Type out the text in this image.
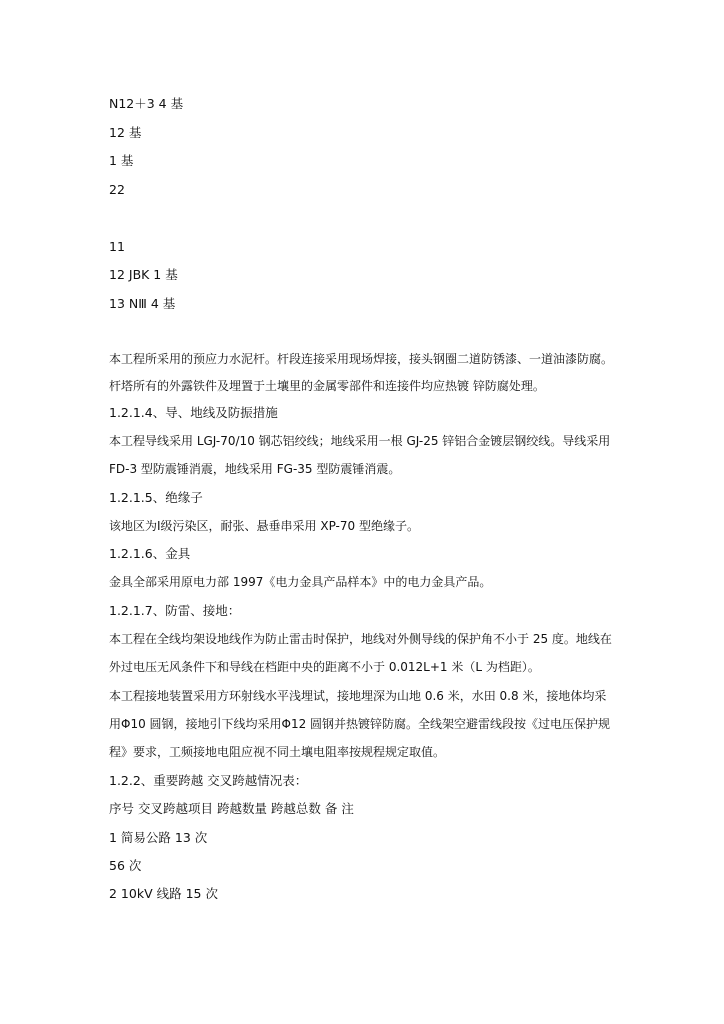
N12＋3 4 基
12 基
1 基
22
11
12 JBK 1 基
13 NⅢ 4 基
本工程所采用的预应力水泥杆。杆段连接采用现场焊接，接头钢圈二道防锈漆、一道油漆防腐。
杆塔所有的外露铁件及埋置于土壤里的金属零部件和连接件均应热镀 锌防腐处理。
1.2.1.4、导、地线及防振措施
本工程导线采用 LGJ-70/10 钢芯铝绞线；地线采用一根 GJ-25 锌铝合金镀层钢绞线。导线采用
FD-3 型防震锤消震，地线采用 FG-35 型防震锤消震。
1.2.1.5、绝缘子
该地区为Ⅰ级污染区，耐张、悬垂串采用 XP-70 型绝缘子。
1.2.1.6、金具
金具全部采用原电力部 1997《电力金具产品样本》中的电力金具产品。
1.2.1.7、防雷、接地：
本工程在全线均架设地线作为防止雷击时保护，地线对外侧导线的保护角不小于 25 度。地线在
外过电压无风条件下和导线在档距中央的距离不小于 0.012L+1 米（L 为档距）。
本工程接地装置采用方环射线水平浅埋试，接地埋深为山地 0.6 米，水田 0.8 米，接地体均采
用Φ10 圆钢，接地引下线均采用Φ12 圆钢并热镀锌防腐。全线架空避雷线段按《过电压保护规
程》要求，工频接地电阻应视不同土壤电阻率按规程规定取值。
1.2.2、重要跨越 交叉跨越情况表：
序号 交叉跨越项目 跨越数量 跨越总数 备 注
1 简易公路 13 次
56 次
2 10kV 线路 15 次
